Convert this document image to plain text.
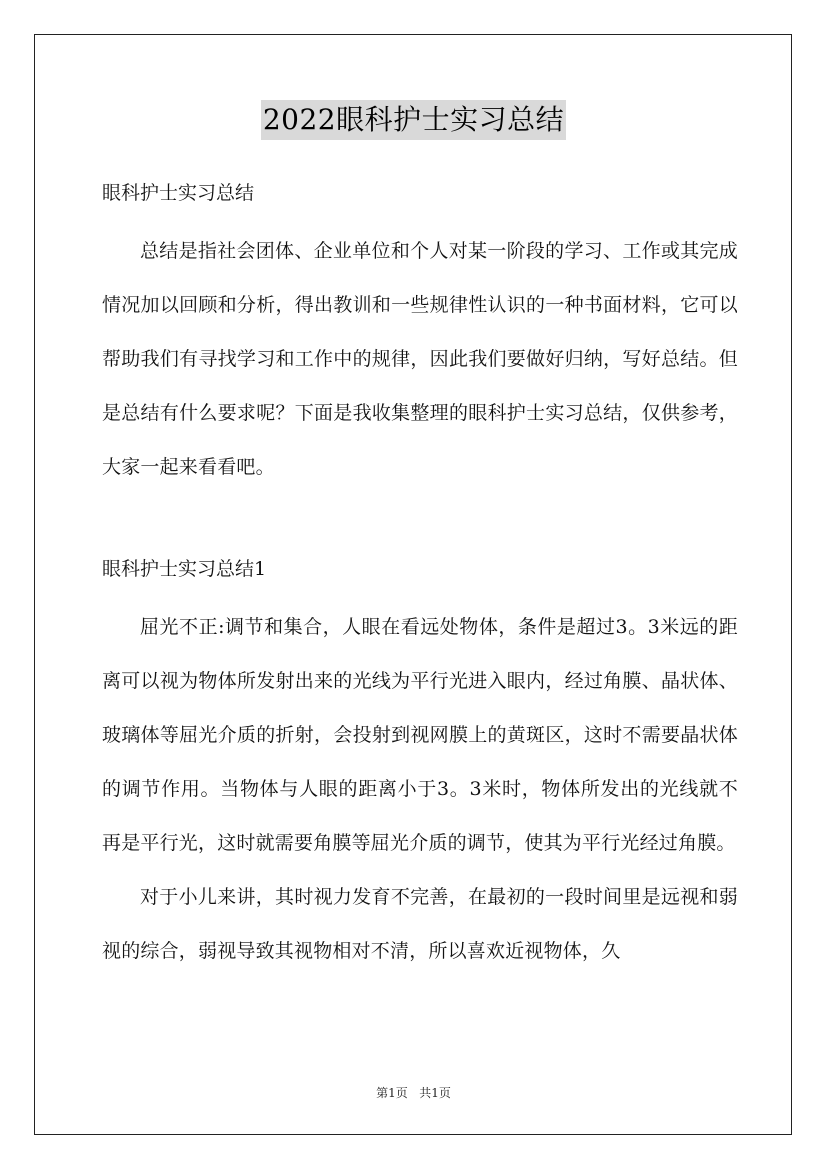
2022眼科护士实习总结

眼科护士实习总结

总结是指社会团体、企业单位和个人对某一阶段的学习、工作或其完成情况加以回顾和分析，得出教训和一些规律性认识的一种书面材料，它可以帮助我们有寻找学习和工作中的规律，因此我们要做好归纳，写好总结。但是总结有什么要求呢？下面是我收集整理的眼科护士实习总结，仅供参考，大家一起来看看吧。

眼科护士实习总结1

屈光不正:调节和集合，人眼在看远处物体，条件是超过3。3米远的距离可以视为物体所发射出来的光线为平行光进入眼内，经过角膜、晶状体、玻璃体等屈光介质的折射，会投射到视网膜上的黄斑区，这时不需要晶状体的调节作用。当物体与人眼的距离小于3。3米时，物体所发出的光线就不再是平行光，这时就需要角膜等屈光介质的调节，使其为平行光经过角膜。

对于小儿来讲，其时视力发育不完善，在最初的一段时间里是远视和弱视的综合，弱视导致其视物相对不清，所以喜欢近视物体，久

第1页   共1页
